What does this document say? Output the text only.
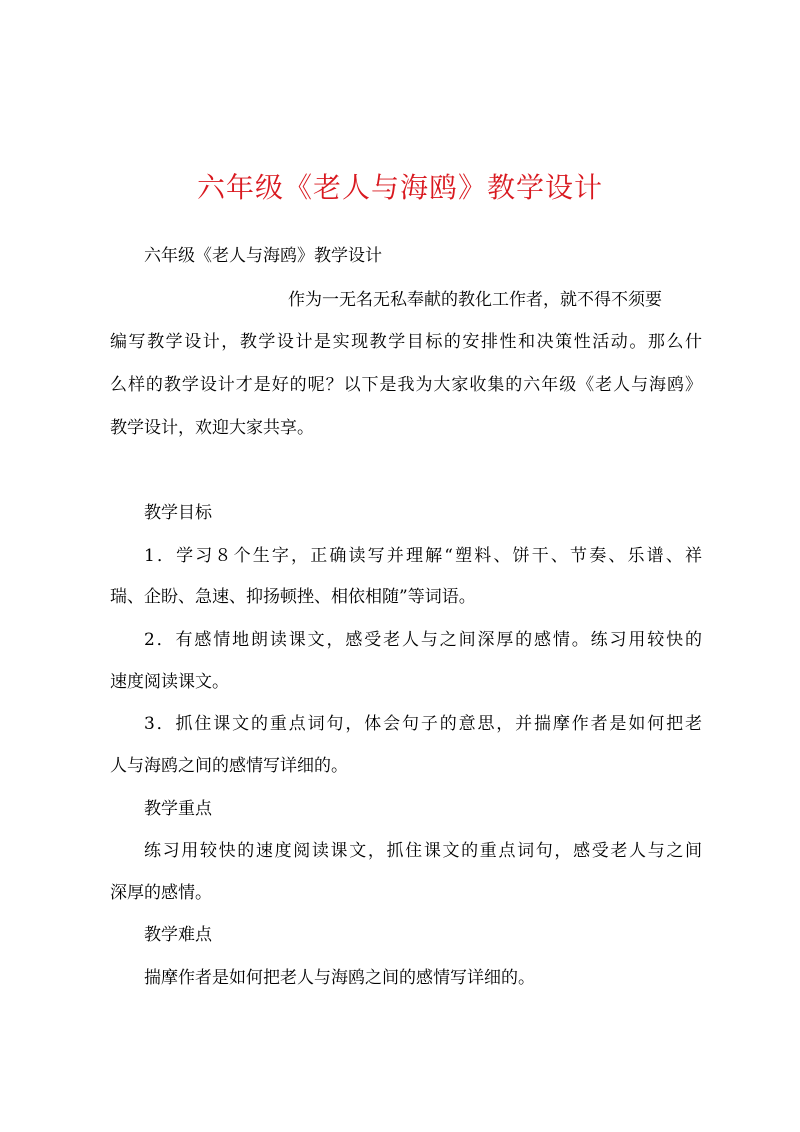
六年级《老人与海鸥》教学设计

六年级《老人与海鸥》教学设计

作为一无名无私奉献的教化工作者，就不得不须要

编写教学设计，教学设计是实现教学目标的安排性和决策性活动。那么什

么样的教学设计才是好的呢？以下是我为大家收集的六年级《老人与海鸥》

教学设计，欢迎大家共享。

教学目标

1．学习８个生字，正确读写并理解“塑料、饼干、节奏、乐谱、祥

瑞、企盼、急速、抑扬顿挫、相依相随”等词语。

2．有感情地朗读课文，感受老人与之间深厚的感情。练习用较快的

速度阅读课文。

3．抓住课文的重点词句，体会句子的意思，并揣摩作者是如何把老

人与海鸥之间的感情写详细的。

教学重点

练习用较快的速度阅读课文，抓住课文的重点词句，感受老人与之间

深厚的感情。

教学难点

揣摩作者是如何把老人与海鸥之间的感情写详细的。
